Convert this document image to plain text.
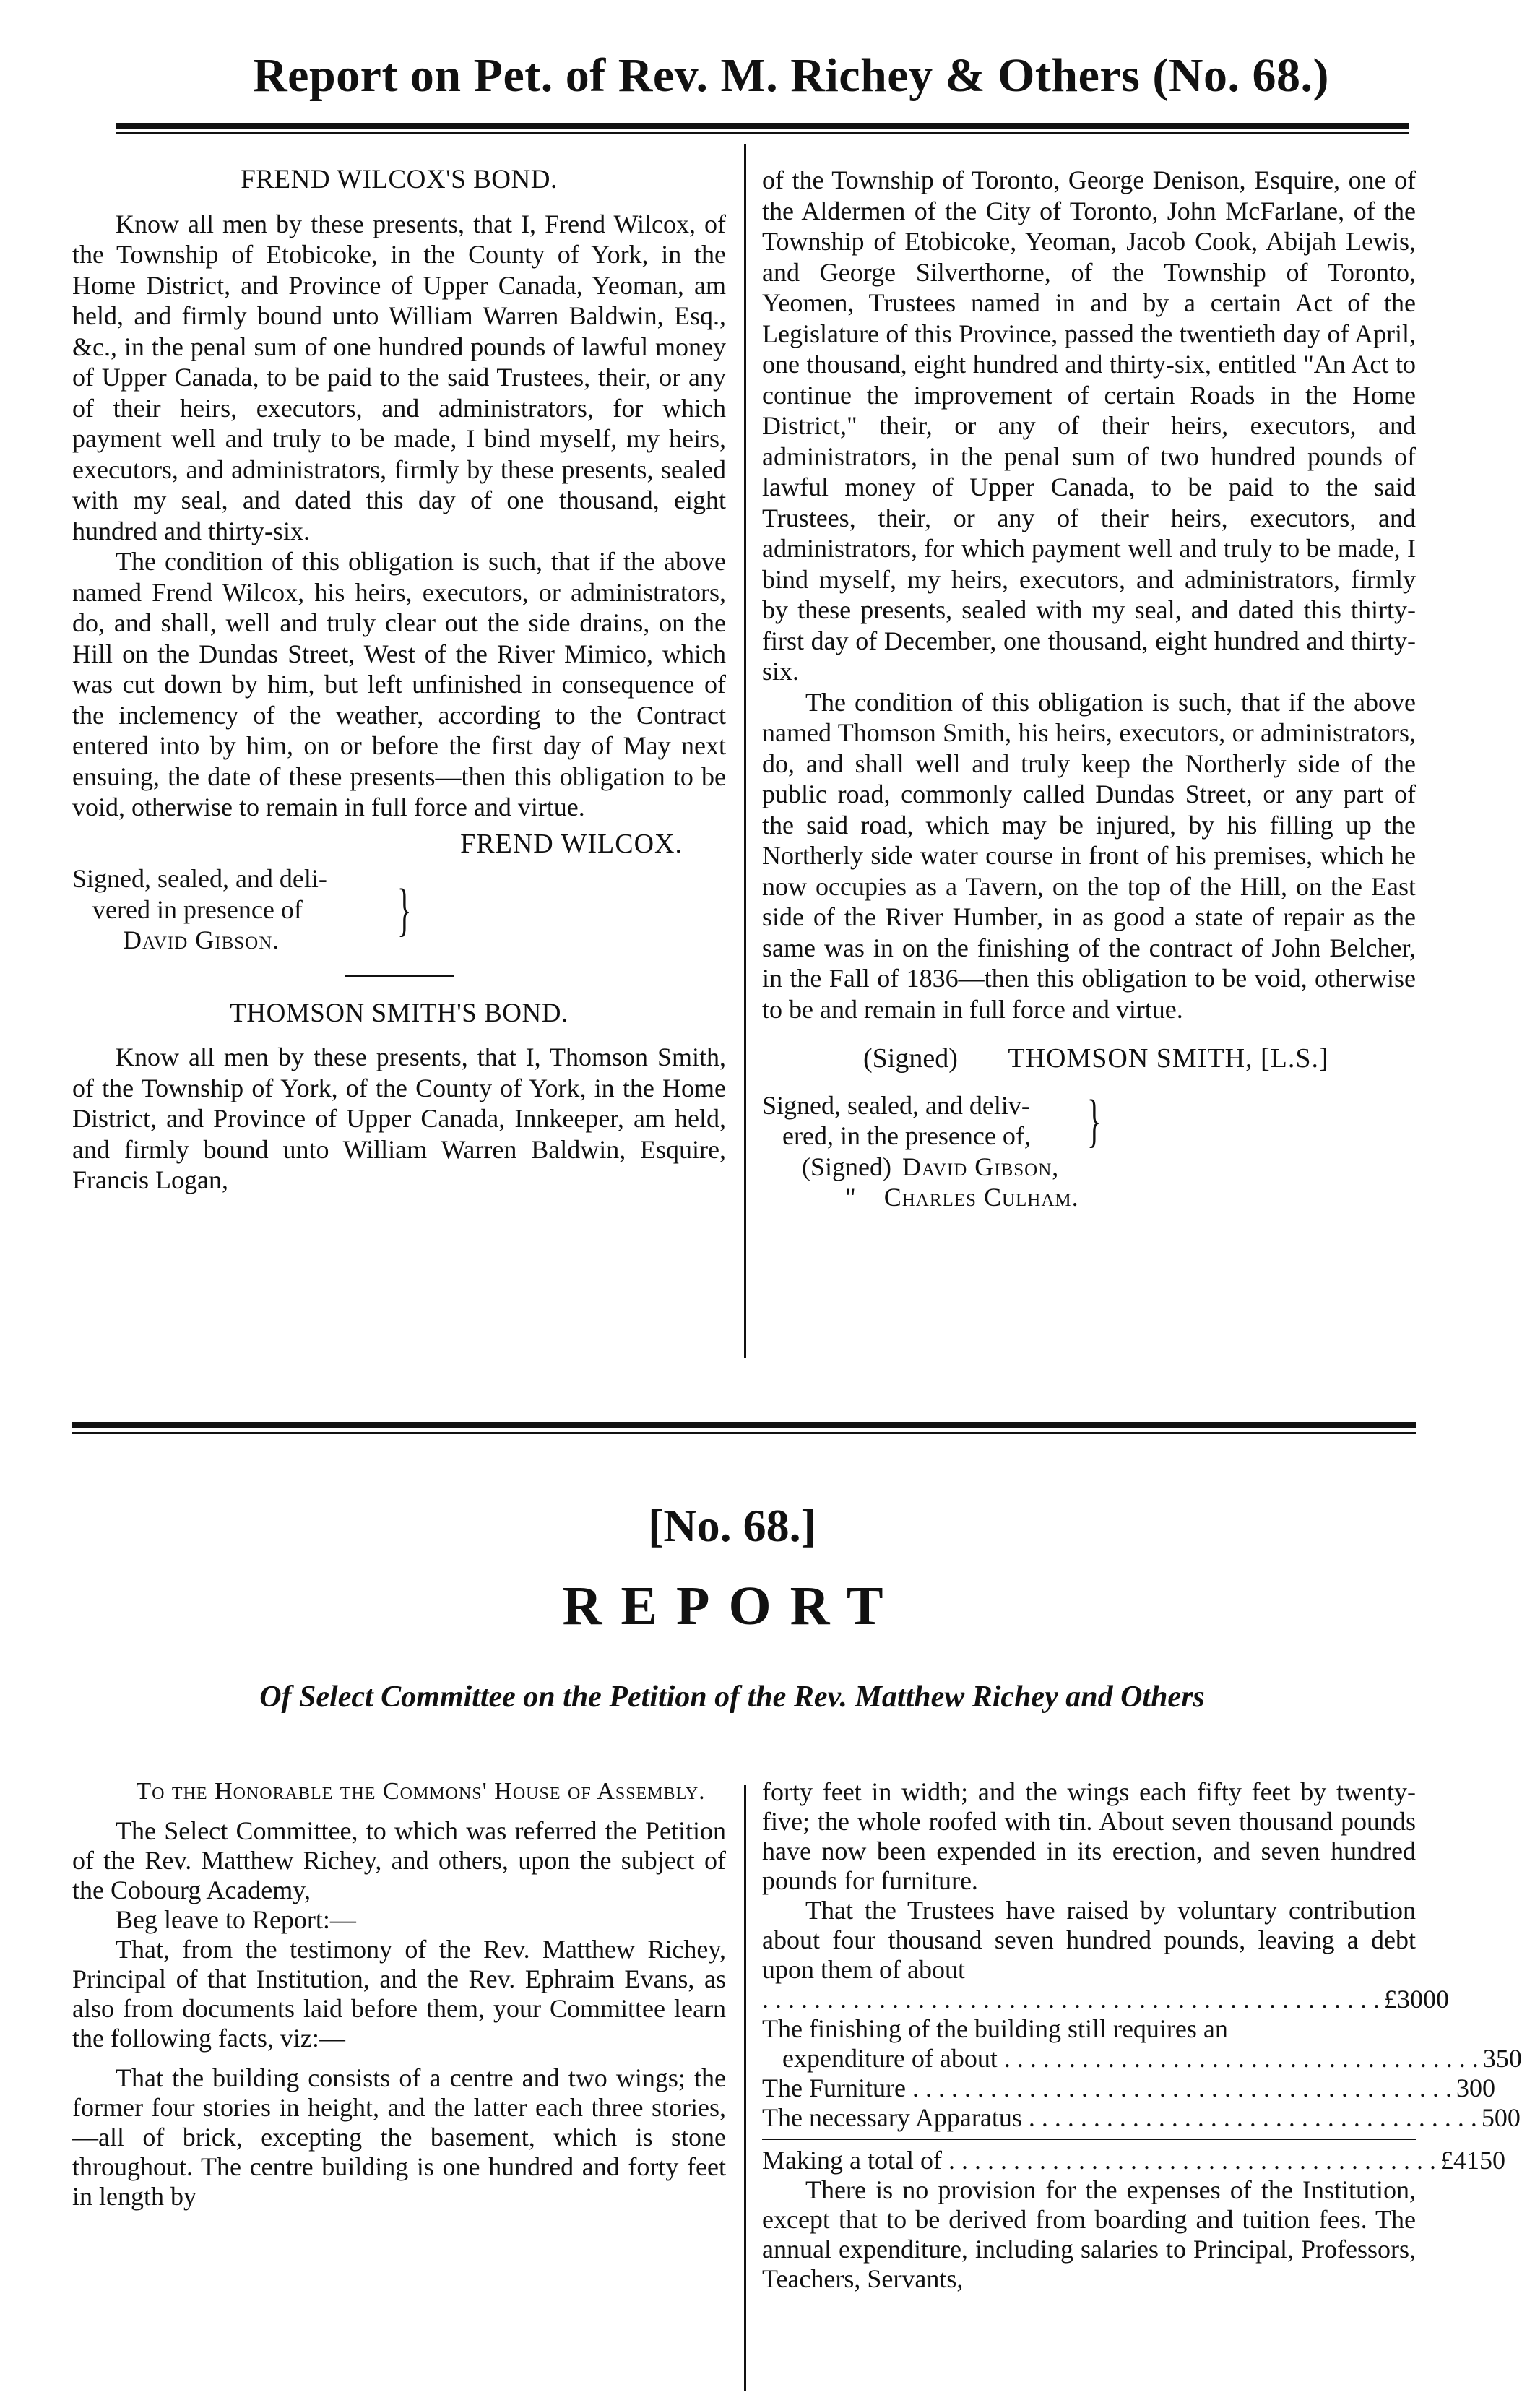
Report on Pet. of Rev. M. Richey & Others (No. 68.)
FREND WILCOX'S BOND.

Know all men by these presents, that I, Frend Wilcox, of the Township of Etobicoke, in the County of York, in the Home District, and Province of Upper Canada, Yeoman, am held, and firmly bound unto William Warren Baldwin, Esq., &c., in the penal sum of one hundred pounds of lawful money of Upper Canada, to be paid to the said Trustees, their, or any of their heirs, executors, and administrators, for which payment well and truly to be made, I bind myself, my heirs, executors, and administrators, firmly by these presents, sealed with my seal, and dated this day of one thousand, eight hundred and thirty-six.

The condition of this obligation is such, that if the above named Frend Wilcox, his heirs, executors, or administrators, do, and shall, well and truly clear out the side drains, on the Hill on the Dundas Street, West of the River Mimico, which was cut down by him, but left unfinished in consequence of the inclemency of the weather, according to the Contract entered into by him, on or before the first day of May next ensuing, the date of these presents—then this obligation to be void, otherwise to remain in full force and virtue.

FREND WILCOX.
Signed, sealed, and deli-
vered in presence of
David Gibson.	}
THOMSON SMITH'S BOND.

Know all men by these presents, that I, Thomson Smith, of the Township of York, of the County of York, in the Home District, and Province of Upper Canada, Innkeeper, am held, and firmly bound unto William Warren Baldwin, Esquire, Francis Logan,

of the Township of Toronto, George Denison, Esquire, one of the Aldermen of the City of Toronto, John McFarlane, of the Township of Etobicoke, Yeoman, Jacob Cook, Abijah Lewis, and George Silverthorne, of the Township of Toronto, Yeomen, Trustees named in and by a certain Act of the Legislature of this Province, passed the twentieth day of April, one thousand, eight hundred and thirty-six, entitled "An Act to continue the improvement of certain Roads in the Home District," their, or any of their heirs, executors, and administrators, in the penal sum of two hundred pounds of lawful money of Upper Canada, to be paid to the said Trustees, their, or any of their heirs, executors, and administrators, for which payment well and truly to be made, I bind myself, my heirs, executors, and administrators, firmly by these presents, sealed with my seal, and dated this thirty-first day of December, one thousand, eight hundred and thirty-six.

The condition of this obligation is such, that if the above named Thomson Smith, his heirs, executors, or administrators, do, and shall well and truly keep the Northerly side of the public road, commonly called Dundas Street, or any part of the said road, which may be injured, by his filling up the Northerly side water course in front of his premises, which he now occupies as a Tavern, on the top of the Hill, on the East side of the River Humber, in as good a state of repair as the same was in on the finishing of the contract of John Belcher, in the Fall of 1836—then this obligation to be void, otherwise to be and remain in full force and virtue.

(Signed) THOMSON SMITH, [L.S.]
Signed, sealed, and deliv-
ered, in the presence of, }
(Signed) David Gibson,
" Charles Culham.
[No. 68.]
REPORT
Of Select Committee on the Petition of the Rev. Matthew Richey and Others

To the Honorable the Commons' House of Assembly.

The Select Committee, to which was referred the Petition of the Rev. Matthew Richey, and others, upon the subject of the Cobourg Academy,

Beg leave to Report:—

That, from the testimony of the Rev. Matthew Richey, Principal of that Institution, and the Rev. Ephraim Evans, as also from documents laid before them, your Committee learn the following facts, viz:—

That the building consists of a centre and two wings; the former four stories in height, and the latter each three stories,—all of brick, excepting the basement, which is stone throughout. The centre building is one hundred and forty feet in length by

forty feet in width; and the wings each fifty feet by twenty-five; the whole roofed with tin. About seven thousand pounds have now been expended in its erection, and seven hundred pounds for furniture.

That the Trustees have raised by voluntary contribution about four thousand seven hundred pounds, leaving a debt upon them of about

. . . . . . . . . . . . . . . . . . . . . . . . . . . . . . . . . . . . . . . . . . . . . . . . £3000
The finishing of the building still requires an
expenditure of about . . . . . . . . . . . . . . . . . . . . . . . . . . . . . . . . . . . . . 350
The Furniture . . . . . . . . . . . . . . . . . . . . . . . . . . . . . . . . . . . . . . . . . . 300
The necessary Apparatus . . . . . . . . . . . . . . . . . . . . . . . . . . . . . . . . . . . 500
Making a total of . . . . . . . . . . . . . . . . . . . . . . . . . . . . . . . . . . . . . . £4150

There is no provision for the expenses of the Institution, except that to be derived from boarding and tuition fees. The annual expenditure, including salaries to Principal, Professors, Teachers, Servants,
